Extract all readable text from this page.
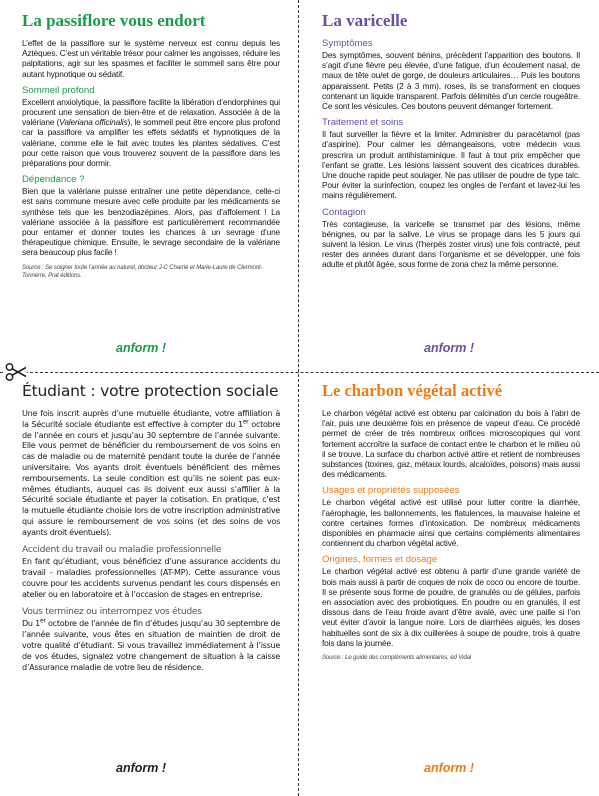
La passiflore vous endort

L’effet de la passiflore sur le système nerveux est connu depuis les Aztèques. C’est un véritable trésor pour calmer les angoisses, réduire les palpitations, agir sur les spasmes et faciliter le sommeil sans être pour autant hypnotique ou sédatif.

Sommeil profond

Excellent anxiolytique, la passiflore facilite la libération d’endorphines qui procurent une sensation de bien-être et de relaxation. Associée à de la valériane (Valeriana officinalis), le sommeil peut être encore plus profond car la passiflore va amplifier les effets sédatifs et hypnotiques de la valériane, comme elle le fait avec toutes les plantes sédatives. C’est pour cette raison que vous trouverez souvent de la passiflore dans les préparations pour dormir.

Dépendance ?

Bien que la valériane puisse entraîner une petite dépendance, celle-ci est sans commune mesure avec celle produite par les médicaments se synthèse tels que les benzodiazépines. Alors, pas d’affolement ! La valériane associée à la passiflore est particulièrement recommandée pour entamer et donner toutes les chances à un sevrage d’une thérapeutique chimique. Ensuite, le sevrage secondaire de la valériane sera beaucoup plus facile !

Source : Se soigner toute l’année au naturel, docteur J-C Charrié et Marie-Laure de Clermont-Tonnerre, Prat éditions.
anform !
La varicelle
Symptômes

Des symptômes, souvent bénins, précèdent l’apparition des boutons. Il s’agit d’une fièvre peu élevée, d’une fatigue, d’un écoulement nasal, de maux de tête ou/et de gorge, de douleurs articulaires… Puis les boutons apparaissent. Petits (2 à 3 mm), roses, ils se transforment en cloques contenant un liquide transparent. Parfois délimités d’un cercle rougeâtre. Ce sont les vésicules. Ces boutons peuvent démanger fortement.

Traitement et soins

Il faut surveiller la fièvre et la limiter. Administrer du paracétamol (pas d’aspirine). Pour calmer les démangeaisons, votre médecin vous prescrira un produit antihistaminique. Il faut à tout prix empêcher que l’enfant se gratte. Les lésions laissent souvent des cicatrices durables. Une douche rapide peut soulager. Ne pas utiliser de poudre de type talc. Pour éviter la surinfection, coupez les ongles de l’enfant et lavez-lui les mains régulièrement.

Contagion

Très contagieuse, la varicelle se transmet par des lésions, même bénignes, ou par la salive. Le virus se propage dans les 5 jours qui suivent la lésion. Le virus (l’herpès zoster virus) une fois contracté, peut rester des années durant dans l’organisme et se développer, une fois adulte et plutôt âgée, sous forme de zona chez la même personne.

anform !
Étudiant : votre protection sociale

Une fois inscrit auprès d’une mutuelle étudiante, votre affiliation à la Sécurité sociale étudiante est effective à compter du 1er octobre de l’année en cours et jusqu’au 30 septembre de l’année suivante. Elle vous permet de bénéficier du remboursement de vos soins en cas de maladie ou de maternité pendant toute la durée de l’année universitaire. Vos ayants droit éventuels bénéficient des mêmes remboursements. La seule condition est qu’ils ne soient pas eux-mêmes étudiants, auquel cas ils doivent eux aussi s’affilier à la Sécurité sociale étudiante et payer la cotisation. En pratique, c’est la mutuelle étudiante choisie lors de votre inscription administrative qui assure le remboursement de vos soins (et des soins de vos ayants droit éventuels).

Accident du travail ou maladie professionnelle

En fant qu’étudiant, vous bénéficiez d’une assurance accidents du travail - maladies professionnelles (AT-MP). Cette assurance vous couvre pour les accidents survenus pendant les cours dispensés en atelier ou en laboratoire et à l’occasion de stages en entreprise.

Vous terminez ou interrompez vos études

Du 1er octobre de l’année de fin d’études jusqu’au 30 septembre de l’année suivante, vous êtes en situation de maintien de droit de votre qualité d’étudiant. Si vous travaillez immédiatement à l’issue de vos études, signalez votre changement de situation à la caisse d’Assurance maladie de votre lieu de résidence.

anform !
Le charbon végétal activé

Le charbon végétal activé est obtenu par calcination du bois à l’abri de l’air, puis une deuxième fois en présence de vapeur d’eau. Ce procédé permet de créer de très nombreux orifices microscopiques qui vont fortement accroître la surface de contact entre le charbon et le milieu où il se trouve. La surface du charbon activé attire et retient de nombreuses substances (toxines, gaz, métaux lourds, alcaloïdes, poisons) mais aussi des médicaments.

Usages et propriétés supposées

Le charbon végétal activé est utilisé pour lutter contre la diarrhée, l’aérophagie, les ballonnements, les flatulences, la mauvaise haleine et contre certaines formes d’intoxication. De nombreux médicaments disponibles en pharmacie ainsi que certains compléments alimentaires contiennent du charbon végétal activé.

Origines, formes et dosage

Le charbon végétal activé est obtenu à partir d’une grande variété de bois mais aussi à partir de coques de noix de coco ou encore de tourbe. Il se présente sous forme de poudre, de granulés ou de gélules, parfois en association avec des probiotiques. En poudre ou en granulés, il est dissous dans de l’eau froide avant d’être avalé, avec une paille si l’on veut éviter d’avoir la langue noire. Lors de diarrhées aiguës, les doses habituelles sont de six à dix cuillerées à soupe de poudre, trois à quatre fois dans la journée.

Source : Le guide des compléments alimentaires, éd Vidal
anform !
